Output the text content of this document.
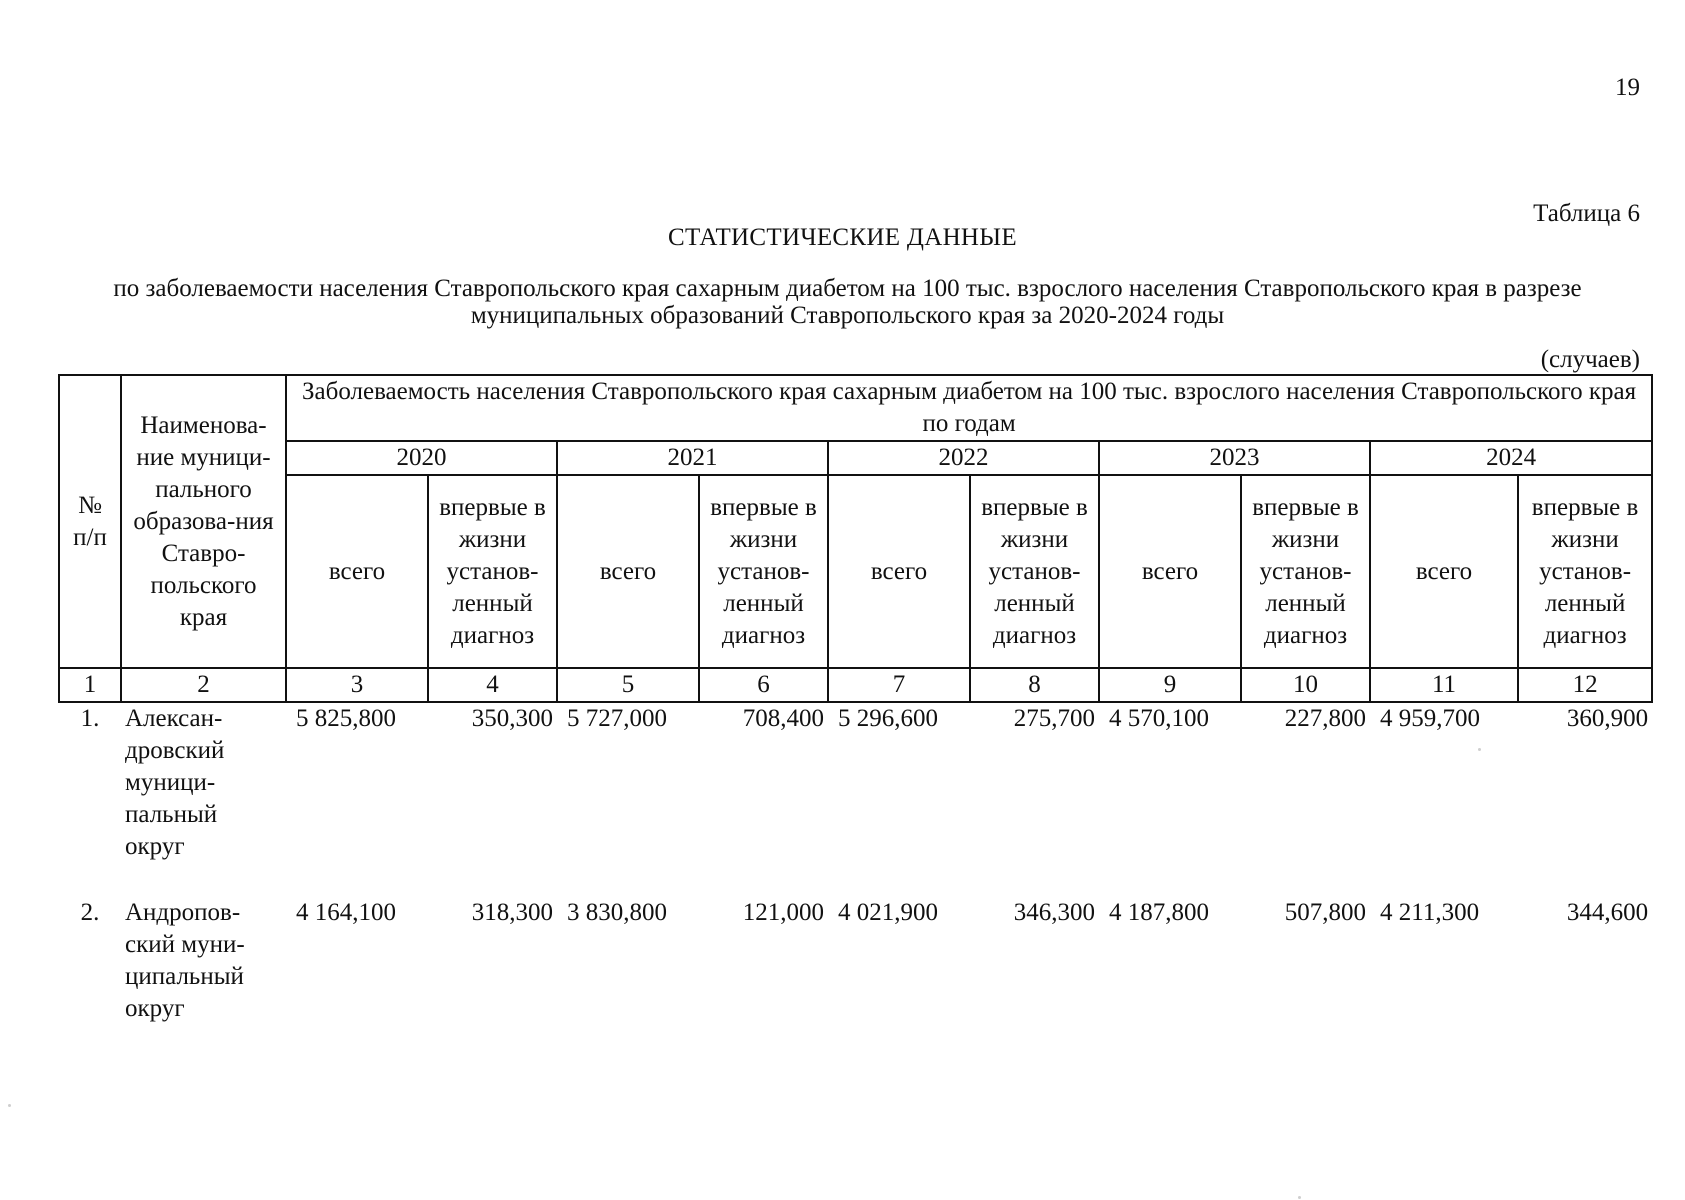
19
Таблица 6
СТАТИСТИЧЕСКИЕ ДАННЫЕ
по заболеваемости населения Ставропольского края сахарным диабетом на 100 тыс. взрослого населения Ставропольского края в разрезе муниципальных образований Ставропольского края за 2020-2024 годы
(случаев)
№ п/п	Наименова-ние муници-пального образова-ния Ставро-польского края	Заболеваемость населения Ставропольского края сахарным диабетом на 100 тыс. взрослого населения Ставропольского края по годам									
		2020		2021		2022		2023		2024	
		всего	впервые в жизни установ-ленный диагноз	всего	впервые в жизни установ-ленный диагноз	всего	впервые в жизни установ-ленный диагноз	всего	впервые в жизни установ-ленный диагноз	всего	впервые в жизни установ-ленный диагноз
1	2	3	4	5	6	7	8	9	10	11	12
1.	Алексан-дровский муници-пальный округ	5 825,800	350,300	5 727,000	708,400	5 296,600	275,700	4 570,100	227,800	4 959,700	360,900
2.	Андропов-ский муни-ципальный округ	4 164,100	318,300	3 830,800	121,000	4 021,900	346,300	4 187,800	507,800	4 211,300	344,600
